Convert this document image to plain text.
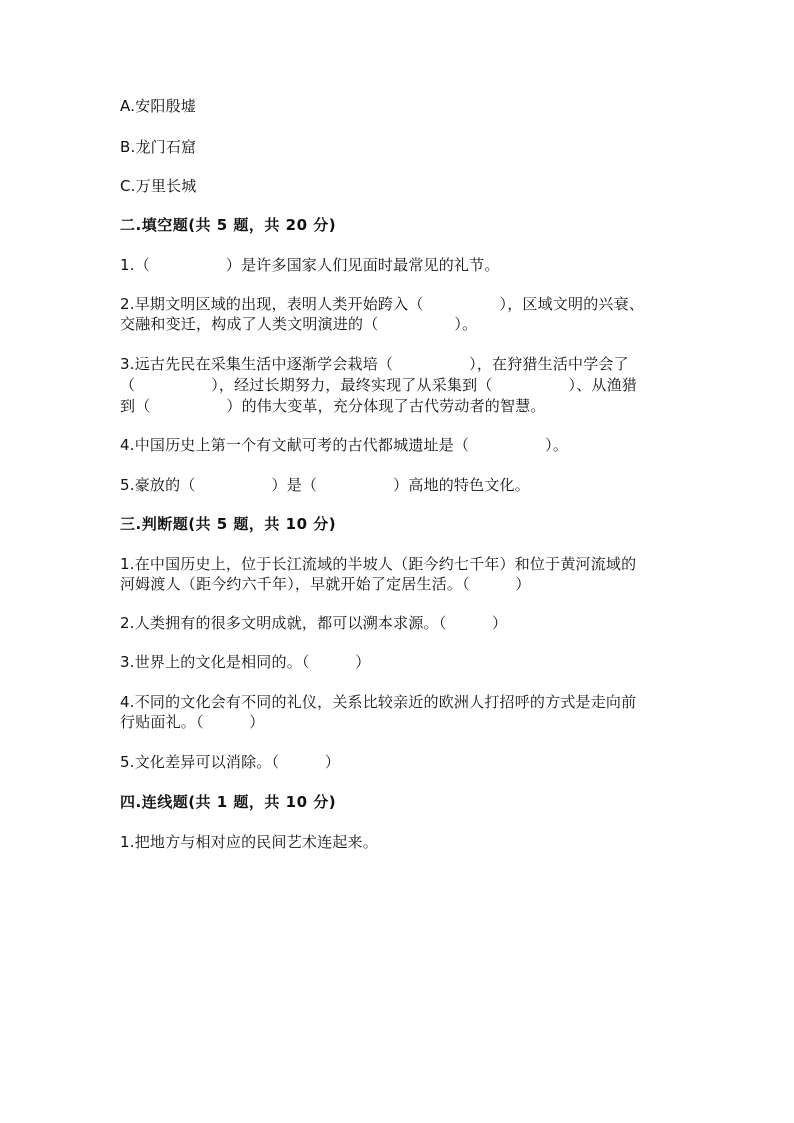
A.安阳殷墟
B.龙门石窟
C.万里长城
二.填空题(共 5 题，共 20 分)
1.（　　　　　）是许多国家人们见面时最常见的礼节。
2.早期文明区域的出现，表明人类开始跨入（　　　　　），区域文明的兴衰、
交融和变迁，构成了人类文明演进的（　　　　　）。
3.远古先民在采集生活中逐渐学会栽培（　　　　　），在狩猎生活中学会了
（　　　　　），经过长期努力，最终实现了从采集到（　　　　　）、从渔猎
到（　　　　　）的伟大变革，充分体现了古代劳动者的智慧。
4.中国历史上第一个有文献可考的古代都城遗址是（　　　　　）。
5.豪放的（　　　　　）是（　　　　　）高地的特色文化。
三.判断题(共 5 题，共 10 分)
1.在中国历史上，位于长江流域的半坡人（距今约七千年）和位于黄河流域的
河姆渡人（距今约六千年），早就开始了定居生活。（　　　）
2.人类拥有的很多文明成就，都可以溯本求源。（　　　）
3.世界上的文化是相同的。（　　　）
4.不同的文化会有不同的礼仪，关系比较亲近的欧洲人打招呼的方式是走向前
行贴面礼。（　　　）
5.文化差异可以消除。（　　　）
四.连线题(共 1 题，共 10 分)
1.把地方与相对应的民间艺术连起来。
